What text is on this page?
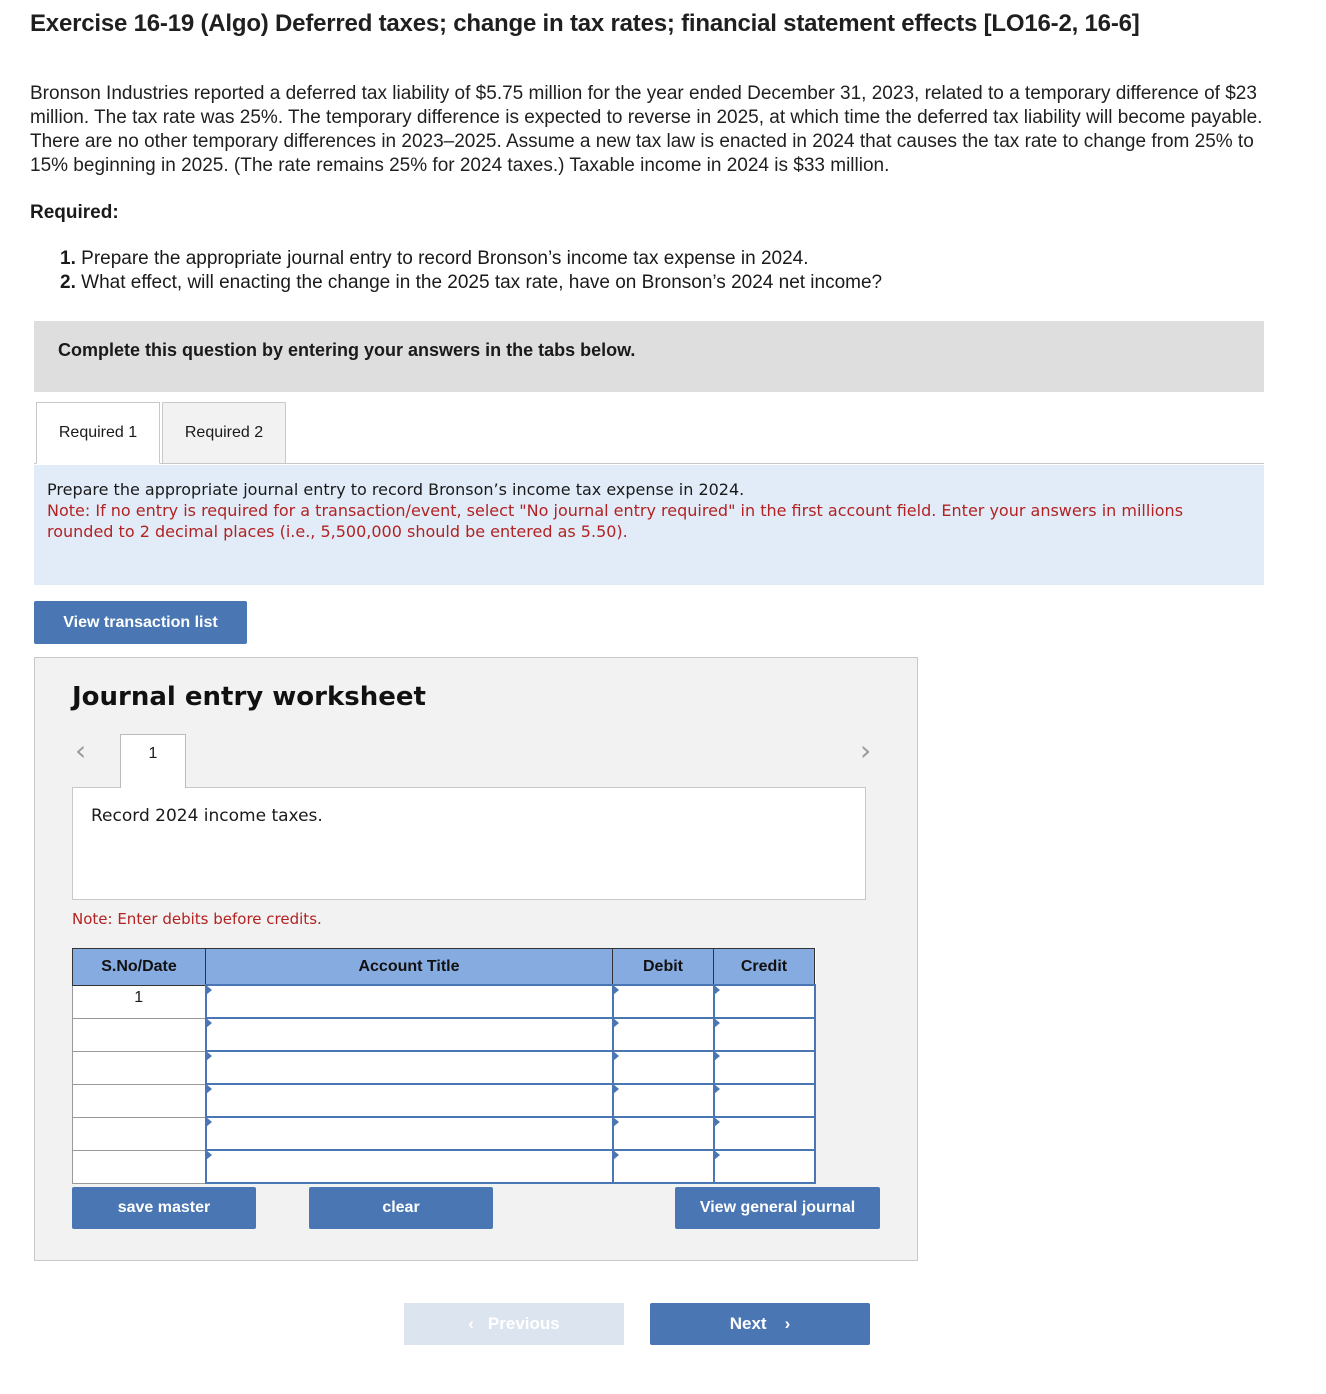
Exercise 16-19 (Algo) Deferred taxes; change in tax rates; financial statement effects [LO16-2, 16-6]

Bronson Industries reported a deferred tax liability of $5.75 million for the year ended December 31, 2023, related to a temporary difference of $23 million. The tax rate was 25%. The temporary difference is expected to reverse in 2025, at which time the deferred tax liability will become payable. There are no other temporary differences in 2023–2025. Assume a new tax law is enacted in 2024 that causes the tax rate to change from 25% to 15% beginning in 2025. (The rate remains 25% for 2024 taxes.) Taxable income in 2024 is $33 million.

Required:
1. Prepare the appropriate journal entry to record Bronson’s income tax expense in 2024.
2. What effect, will enacting the change in the 2025 tax rate, have on Bronson’s 2024 net income?
Complete this question by entering your answers in the tabs below.
Required 1	Required 2
Prepare the appropriate journal entry to record Bronson’s income tax expense in 2024.
Note: If no entry is required for a transaction/event, select "No journal entry required" in the first account field. Enter your answers in millions rounded to 2 decimal places (i.e., 5,500,000 should be entered as 5.50).
View transaction list
Journal entry worksheet
‹	1	›
Record 2024 income taxes.
Note: Enter debits before credits.
S.No/Date	Account Title	Debit	Credit
1			

save master	clear	View general journal
‹ Previous	Next ›
